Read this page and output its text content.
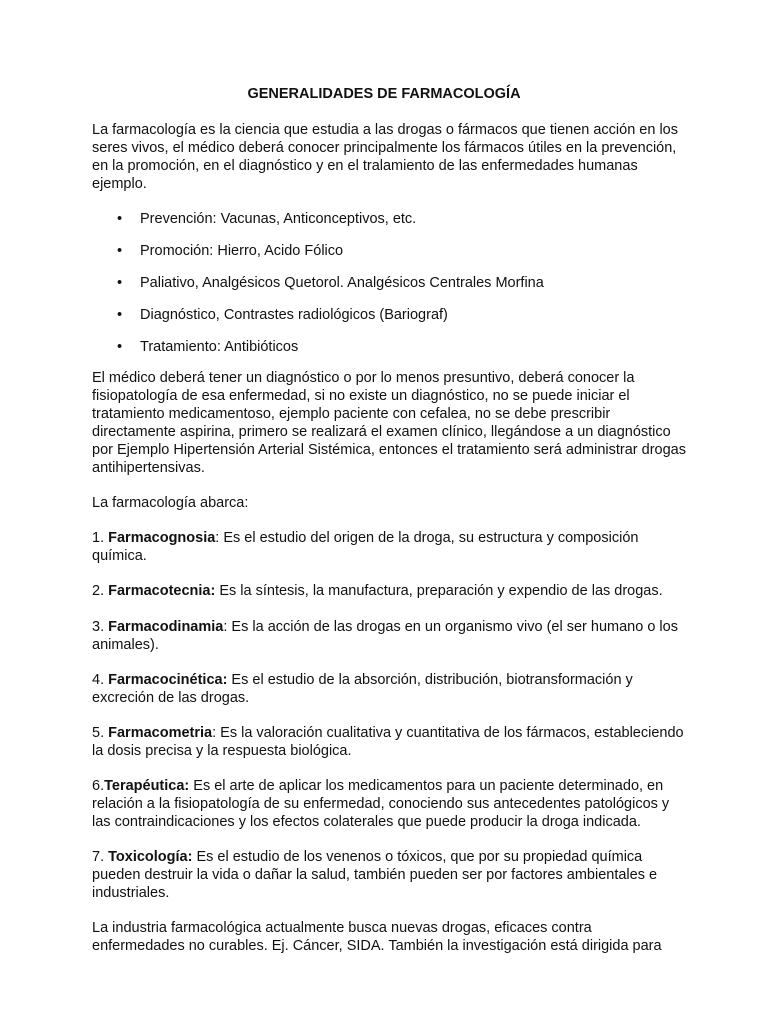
GENERALIDADES DE FARMACOLOGÍA

La farmacología es la ciencia que estudia a las drogas o fármacos que tienen acción en los
seres vivos, el médico deberá conocer principalmente los fármacos útiles en la prevención,
en la promoción, en el diagnóstico y en el tralamiento de las enfermedades humanas
ejemplo.

• Prevención: Vacunas, Anticonceptivos, etc.
• Promoción: Hierro, Acido Fólico
• Paliativo, Analgésicos Quetorol. Analgésicos Centrales Morfina
• Diagnóstico, Contrastes radiológicos (Bariograf)
• Tratamiento: Antibióticos

El médico deberá tener un diagnóstico o por lo menos presuntivo, deberá conocer la
fisiopatología de esa enfermedad, si no existe un diagnóstico, no se puede iniciar el
tratamiento medicamentoso, ejemplo paciente con cefalea, no se debe prescribir
directamente aspirina, primero se realizará el examen clínico, llegándose a un diagnóstico
por Ejemplo Hipertensión Arterial Sistémica, entonces el tratamiento será administrar drogas
antihipertensivas.

La farmacología abarca:

1. Farmacognosia: Es el estudio del origen de la droga, su estructura y composición
química.

2. Farmacotecnia: Es la síntesis, la manufactura, preparación y expendio de las drogas.

3. Farmacodinamia: Es la acción de las drogas en un organismo vivo (el ser humano o los
animales).

4. Farmacocinética: Es el estudio de la absorción, distribución, biotransformación y
excreción de las drogas.

5. Farmacometria: Es la valoración cualitativa y cuantitativa de los fármacos, estableciendo
la dosis precisa y la respuesta biológica.

6.Terapéutica: Es el arte de aplicar los medicamentos para un paciente determinado, en
relación a la fisiopatología de su enfermedad, conociendo sus antecedentes patológicos y
las contraindicaciones y los efectos colaterales que puede producir la droga indicada.

7. Toxicología: Es el estudio de los venenos o tóxicos, que por su propiedad química
pueden destruir la vida o dañar la salud, también pueden ser por factores ambientales e
industriales.

La industria farmacológica actualmente busca nuevas drogas, eficaces contra
enfermedades no curables. Ej. Cáncer, SIDA. También la investigación está dirigida para
